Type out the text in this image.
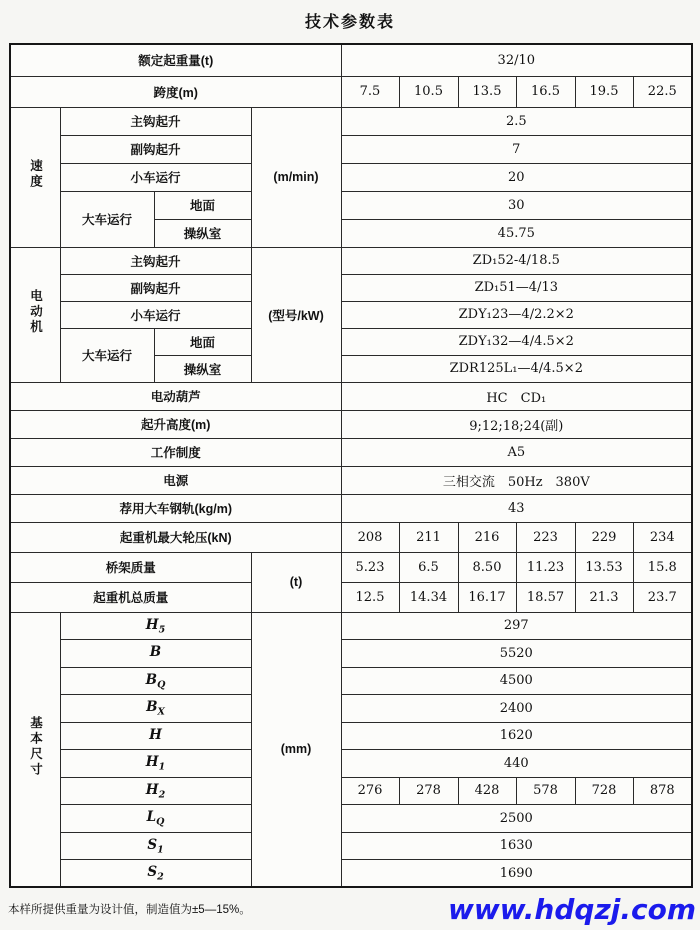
技术参数表
额定起重量(t)				32/10					
跨度(m)				7.5	10.5	13.5	16.5	19.5	22.5
速度	主钩起升		(m/min)	2.5					
	副钩起升			7					
	小车运行			20					
	大车运行	地面		30					
		操纵室		45.75					
电动机	主钩起升		(型号/kW)	ZD₁52-4/18.5					
	副钩起升			ZD₁51—4/13					
	小车运行			ZDY₁23—4/2.2×2					
	大车运行	地面		ZDY₁32—4/4.5×2					
		操纵室		ZDR125L₁—4/4.5×2					
电动葫芦				HC　CD₁					
起升高度(m)				9;12;18;24(副)					
工作制度				A5					
电源				三相交流　50Hz　380V					
荐用大车钢轨(kg/m)				43					
起重机最大轮压(kN)				208	211	216	223	229	234
桥架质量			(t)	5.23	6.5	8.50	11.23	13.53	15.8
起重机总质量				12.5	14.34	16.17	18.57	21.3	23.7
基本尺寸	$H_5$		(mm)	297					
	B			5520					
	$B_Q$			4500					
	$B_X$			2400					
	H			1620					
	$H_1$			440					
	$H_2$			276	278	428	578	728	878
	$L_Q$			2500					
	$S_1$			1630					
	$S_2$			1690					
本样所提供重量为设计值，制造值为±5—15%。	www.hdqzj.com
